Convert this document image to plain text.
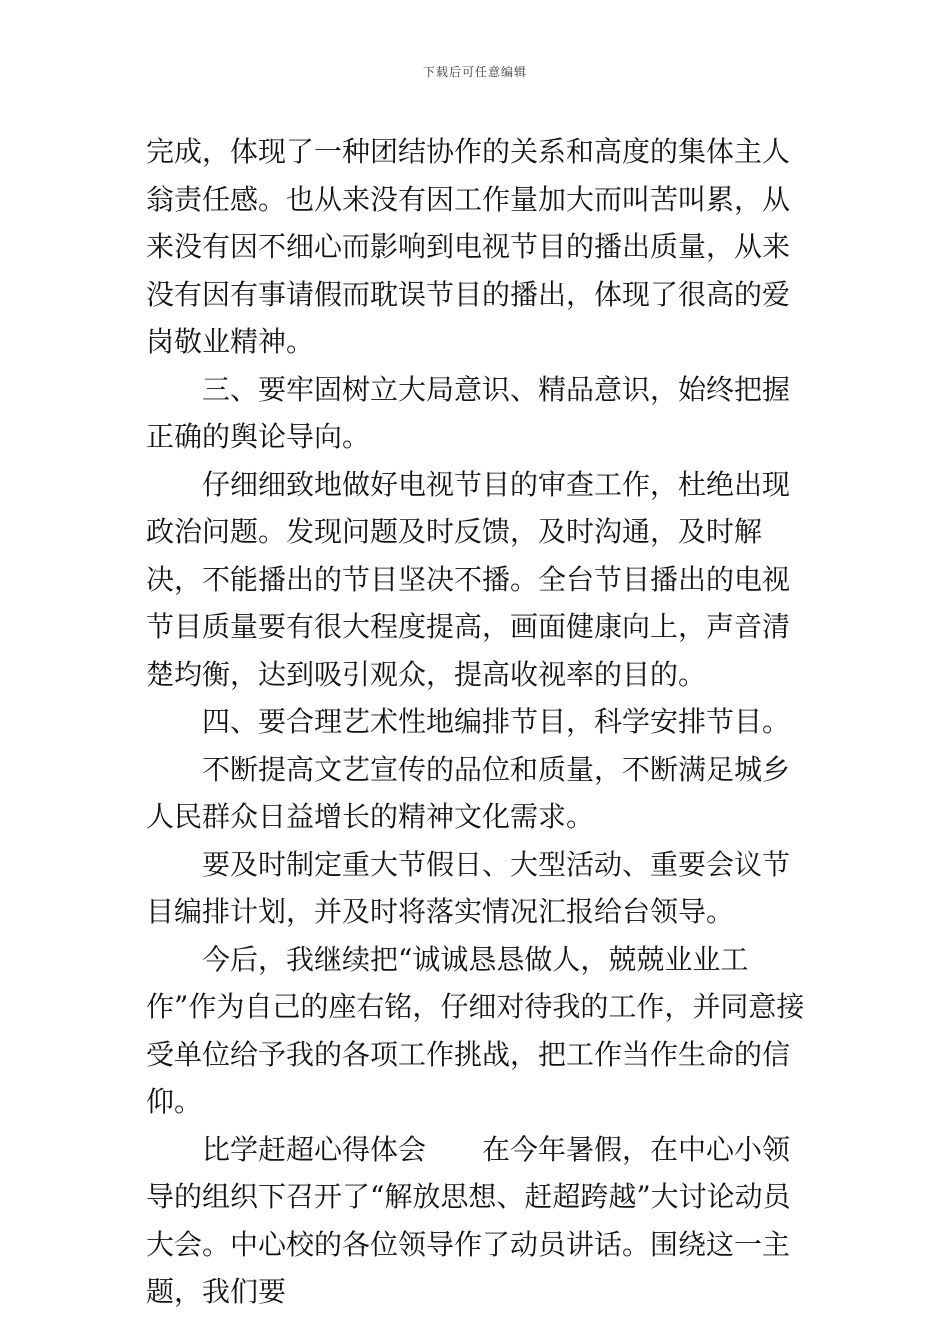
下载后可任意编辑

完成，体现了一种团结协作的关系和高度的集体主人翁责任感。也从来没有因工作量加大而叫苦叫累，从来没有因不细心而影响到电视节目的播出质量，从来没有因有事请假而耽误节目的播出，体现了很高的爱岗敬业精神。

三、要牢固树立大局意识、精品意识，始终把握正确的舆论导向。

仔细细致地做好电视节目的审查工作，杜绝出现政治问题。发现问题及时反馈，及时沟通，及时解决，不能播出的节目坚决不播。全台节目播出的电视节目质量要有很大程度提高，画面健康向上，声音清楚均衡，达到吸引观众，提高收视率的目的。

四、要合理艺术性地编排节目，科学安排节目。

不断提高文艺宣传的品位和质量，不断满足城乡人民群众日益增长的精神文化需求。

要及时制定重大节假日、大型活动、重要会议节目编排计划，并及时将落实情况汇报给台领导。

今后，我继续把“诚诚恳恳做人，兢兢业业工作”作为自己的座右铭，仔细对待我的工作，并同意接受单位给予我的各项工作挑战，把工作当作生命的信仰。

比学赶超心得体会　　在今年暑假，在中心小领导的组织下召开了“解放思想、赶超跨越”大讨论动员大会。中心校的各位领导作了动员讲话。围绕这一主题，我们要
